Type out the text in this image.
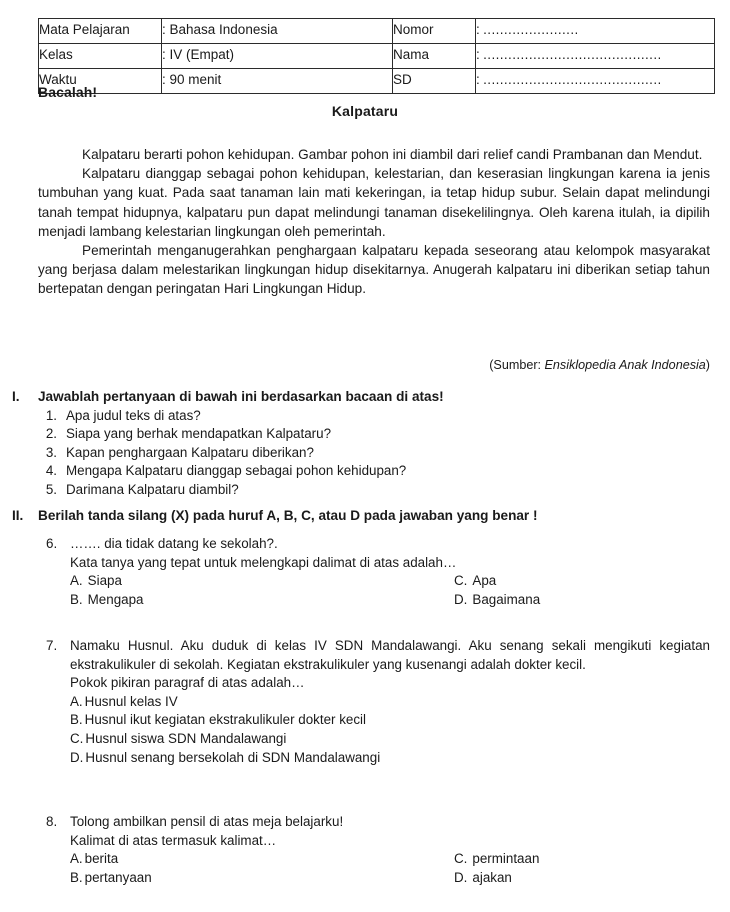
Mata Pelajaran	: Bahasa Indonesia	Nomor	: .......................
Kelas	: IV (Empat)	Nama	: ...........................................
Waktu	: 90 menit	SD	: ...........................................
Bacalah!
Kalpataru

Kalpataru berarti pohon kehidupan. Gambar pohon ini diambil dari relief candi Prambanan dan Mendut.

Kalpataru dianggap sebagai pohon kehidupan, kelestarian, dan keserasian lingkungan karena ia jenis tumbuhan yang kuat. Pada saat tanaman lain mati kekeringan, ia tetap hidup subur. Selain dapat melindungi tanah tempat hidupnya, kalpataru pun dapat melindungi tanaman disekelilingnya. Oleh karena itulah, ia dipilih menjadi lambang kelestarian lingkungan oleh pemerintah.

Pemerintah menganugerahkan penghargaan kalpataru kepada seseorang atau kelompok masyarakat yang berjasa dalam melestarikan lingkungan hidup disekitarnya. Anugerah kalpataru ini diberikan setiap tahun bertepatan dengan peringatan Hari Lingkungan Hidup.

(Sumber: Ensiklopedia Anak Indonesia)
I. Jawablah pertanyaan di bawah ini berdasarkan bacaan di atas!
1. Apa judul teks di atas?
2. Siapa yang berhak mendapatkan Kalpataru?
3. Kapan penghargaan Kalpataru diberikan?
4. Mengapa Kalpataru dianggap sebagai pohon kehidupan?
5. Darimana Kalpataru diambil?
II. Berilah tanda silang (X) pada huruf A, B, C, atau D pada jawaban yang benar !
6. ……. dia tidak datang ke sekolah?.
Kata tanya yang tepat untuk melengkapi dalimat di atas adalah…
A. Siapa
B. Mengapa
C. Apa
D. Bagaimana
7. Namaku Husnul. Aku duduk di kelas IV SDN Mandalawangi. Aku senang sekali mengikuti kegiatan ekstrakulikuler di sekolah. Kegiatan ekstrakulikuler yang kusenangi adalah dokter kecil.
Pokok pikiran paragraf di atas adalah…
A. Husnul kelas IV
B. Husnul ikut kegiatan ekstrakulikuler dokter kecil
C. Husnul siswa SDN Mandalawangi
D. Husnul senang bersekolah di SDN Mandalawangi
8. Tolong ambilkan pensil di atas meja belajarku!
Kalimat di atas termasuk kalimat…
A. berita
B. pertanyaan
C. permintaan
D. ajakan
